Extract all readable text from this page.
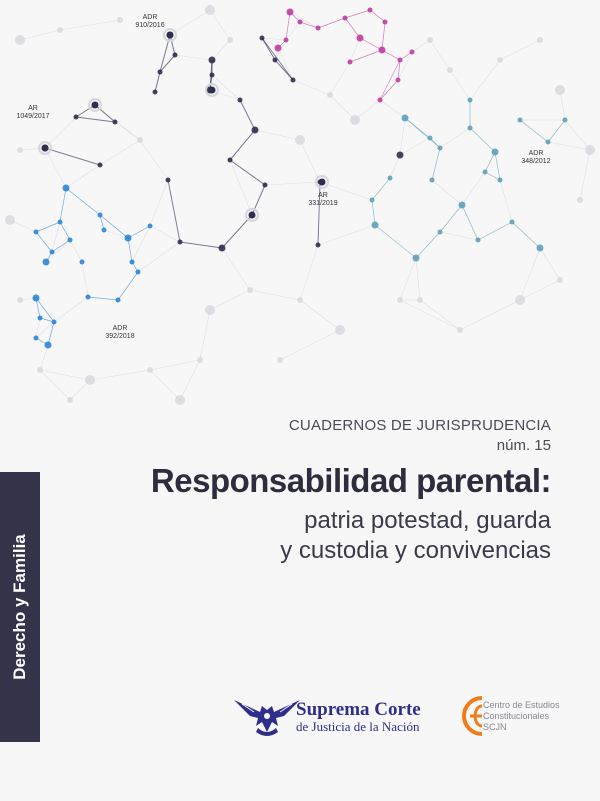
ADR
910/2016
AR
1049/2017
ADR
348/2012
AR
331/2019
ADR
392/2018
CUADERNOS DE JURISPRUDENCIA
núm. 15
Responsabilidad parental:
patria potestad, guarda
y custodia y convivencias
Derecho y Familia
Suprema Corte
de Justicia de la Nación
Centro de Estudios
Constitucionales
SCJN
